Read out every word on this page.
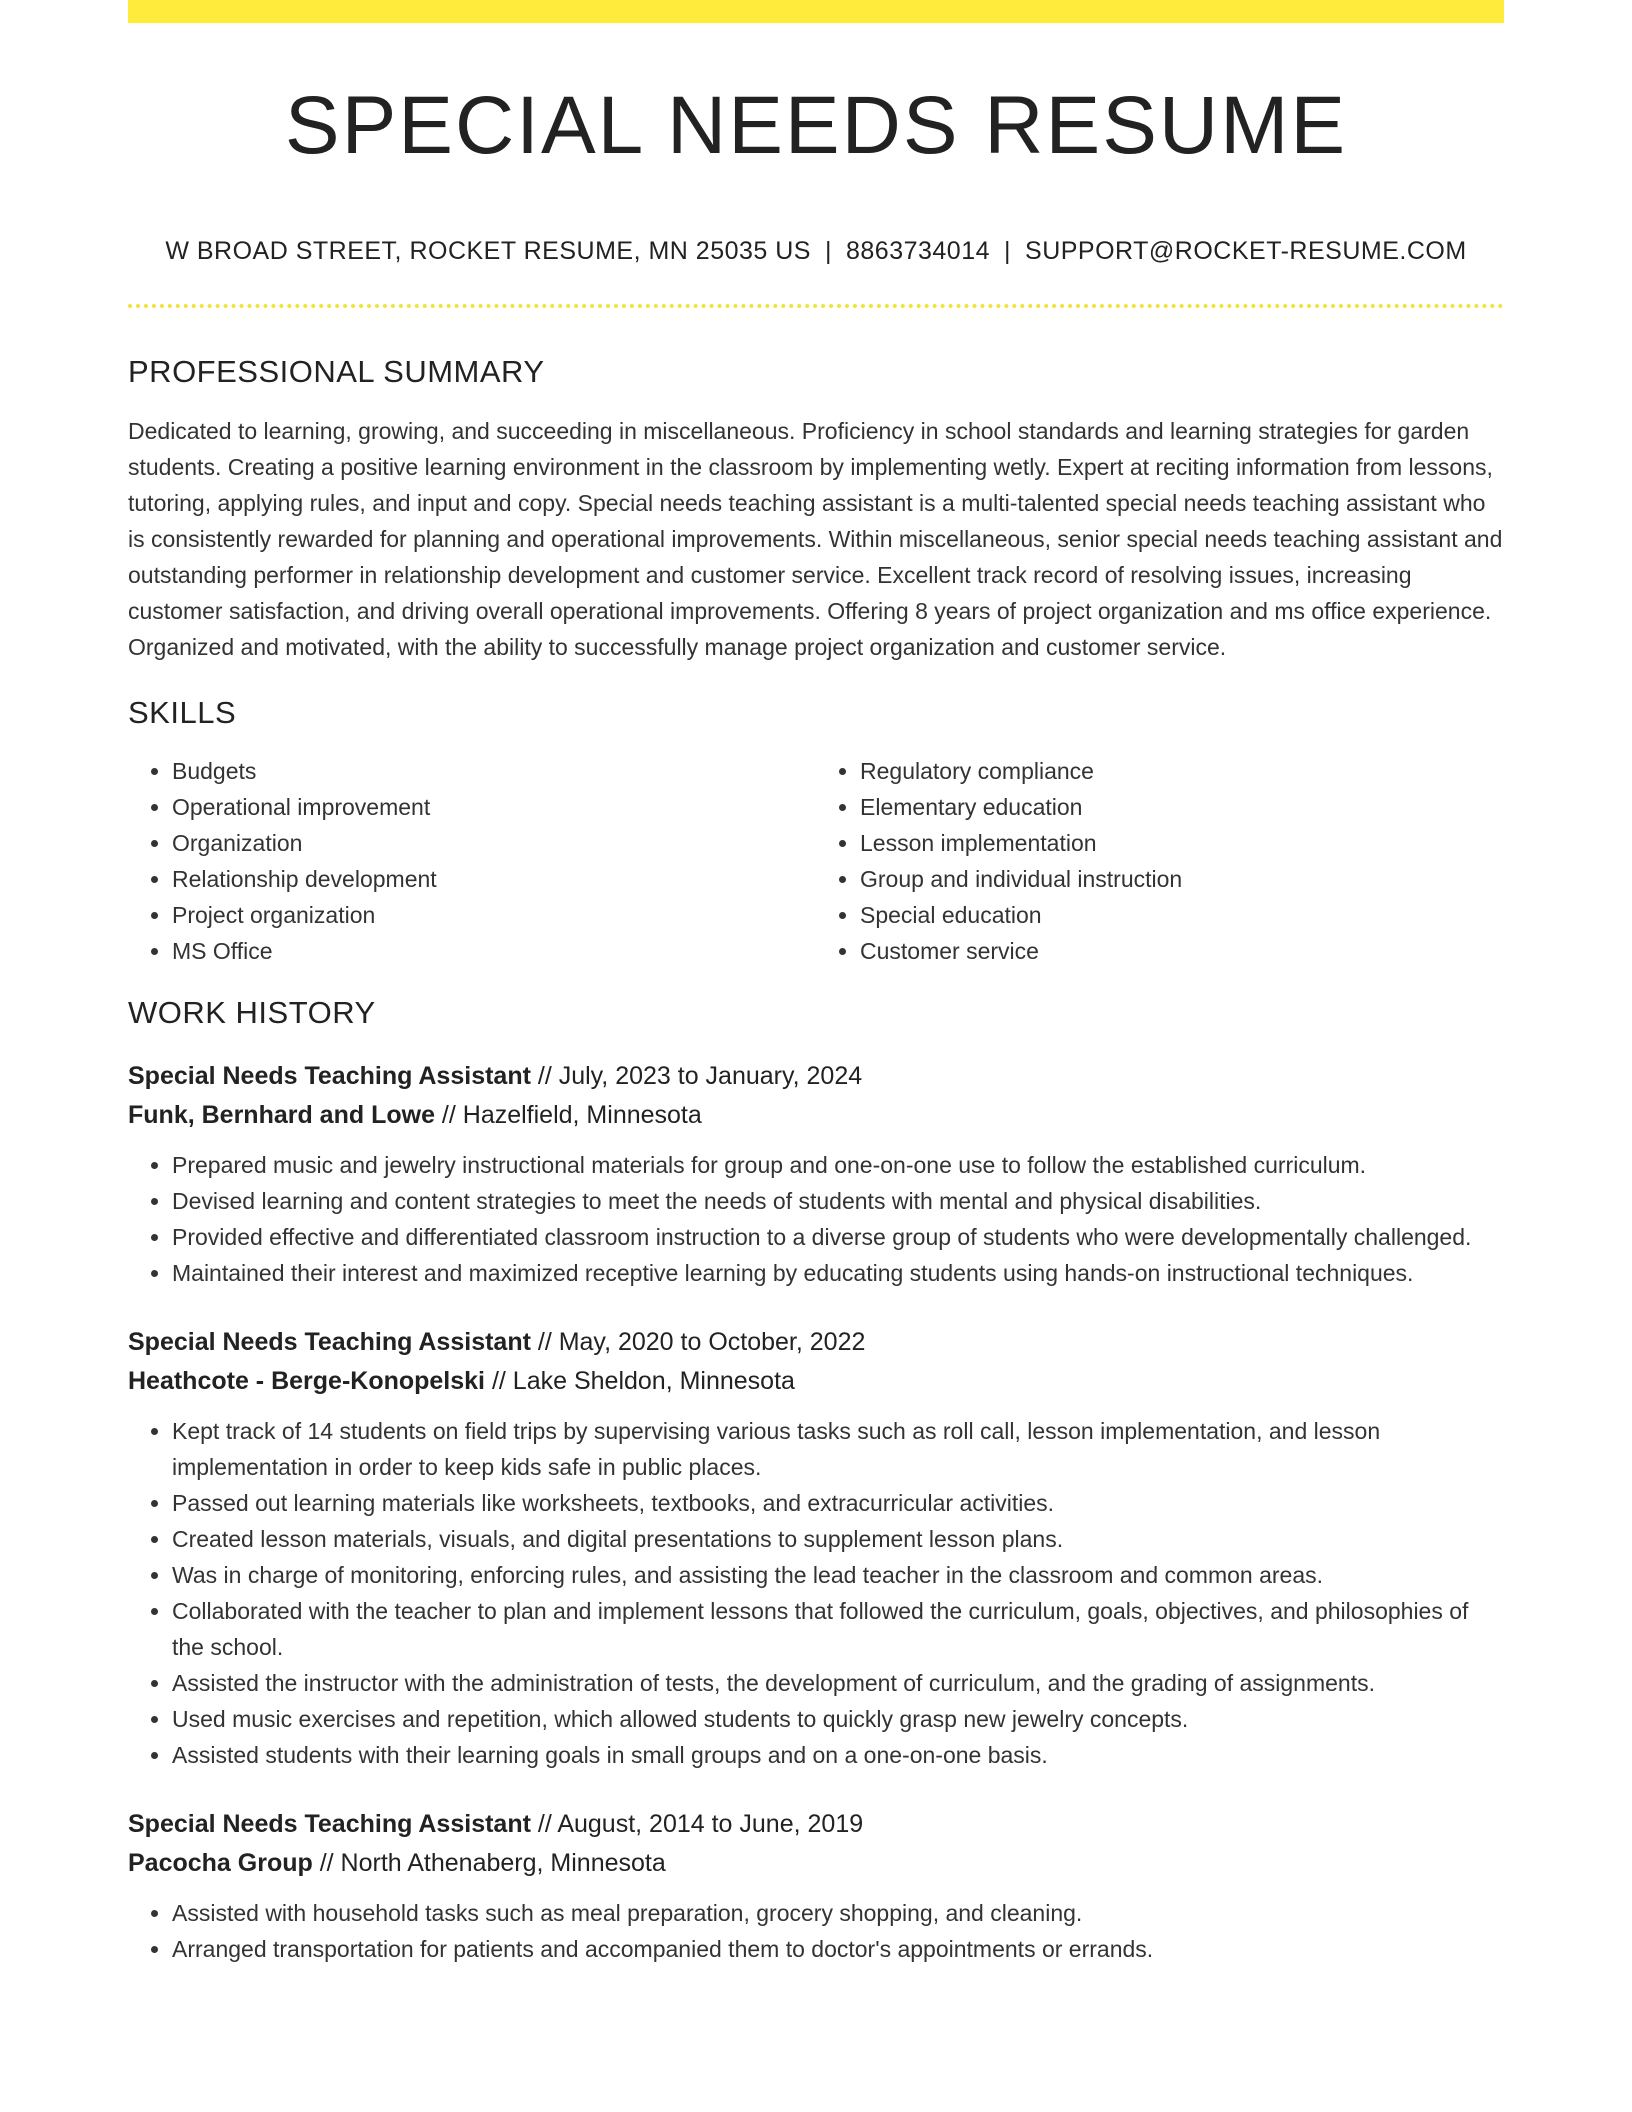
SPECIAL NEEDS RESUME
W BROAD STREET, ROCKET RESUME, MN 25035 US | 8863734014 | SUPPORT@ROCKET-RESUME.COM
PROFESSIONAL SUMMARY
Dedicated to learning, growing, and succeeding in miscellaneous. Proficiency in school standards and learning strategies for garden students. Creating a positive learning environment in the classroom by implementing wetly. Expert at reciting information from lessons, tutoring, applying rules, and input and copy. Special needs teaching assistant is a multi-talented special needs teaching assistant who is consistently rewarded for planning and operational improvements. Within miscellaneous, senior special needs teaching assistant and outstanding performer in relationship development and customer service. Excellent track record of resolving issues, increasing customer satisfaction, and driving overall operational improvements. Offering 8 years of project organization and ms office experience. Organized and motivated, with the ability to successfully manage project organization and customer service.
SKILLS
• Budgets
• Operational improvement
• Organization
• Relationship development
• Project organization
• MS Office
• Regulatory compliance
• Elementary education
• Lesson implementation
• Group and individual instruction
• Special education
• Customer service
WORK HISTORY
Special Needs Teaching Assistant // July, 2023 to January, 2024
Funk, Bernhard and Lowe // Hazelfield, Minnesota
• Prepared music and jewelry instructional materials for group and one-on-one use to follow the established curriculum.
• Devised learning and content strategies to meet the needs of students with mental and physical disabilities.
• Provided effective and differentiated classroom instruction to a diverse group of students who were developmentally challenged.
• Maintained their interest and maximized receptive learning by educating students using hands-on instructional techniques.
Special Needs Teaching Assistant // May, 2020 to October, 2022
Heathcote - Berge-Konopelski // Lake Sheldon, Minnesota
• Kept track of 14 students on field trips by supervising various tasks such as roll call, lesson implementation, and lesson implementation in order to keep kids safe in public places.
• Passed out learning materials like worksheets, textbooks, and extracurricular activities.
• Created lesson materials, visuals, and digital presentations to supplement lesson plans.
• Was in charge of monitoring, enforcing rules, and assisting the lead teacher in the classroom and common areas.
• Collaborated with the teacher to plan and implement lessons that followed the curriculum, goals, objectives, and philosophies of the school.
• Assisted the instructor with the administration of tests, the development of curriculum, and the grading of assignments.
• Used music exercises and repetition, which allowed students to quickly grasp new jewelry concepts.
• Assisted students with their learning goals in small groups and on a one-on-one basis.
Special Needs Teaching Assistant // August, 2014 to June, 2019
Pacocha Group // North Athenaberg, Minnesota
• Assisted with household tasks such as meal preparation, grocery shopping, and cleaning.
• Arranged transportation for patients and accompanied them to doctor's appointments or errands.
